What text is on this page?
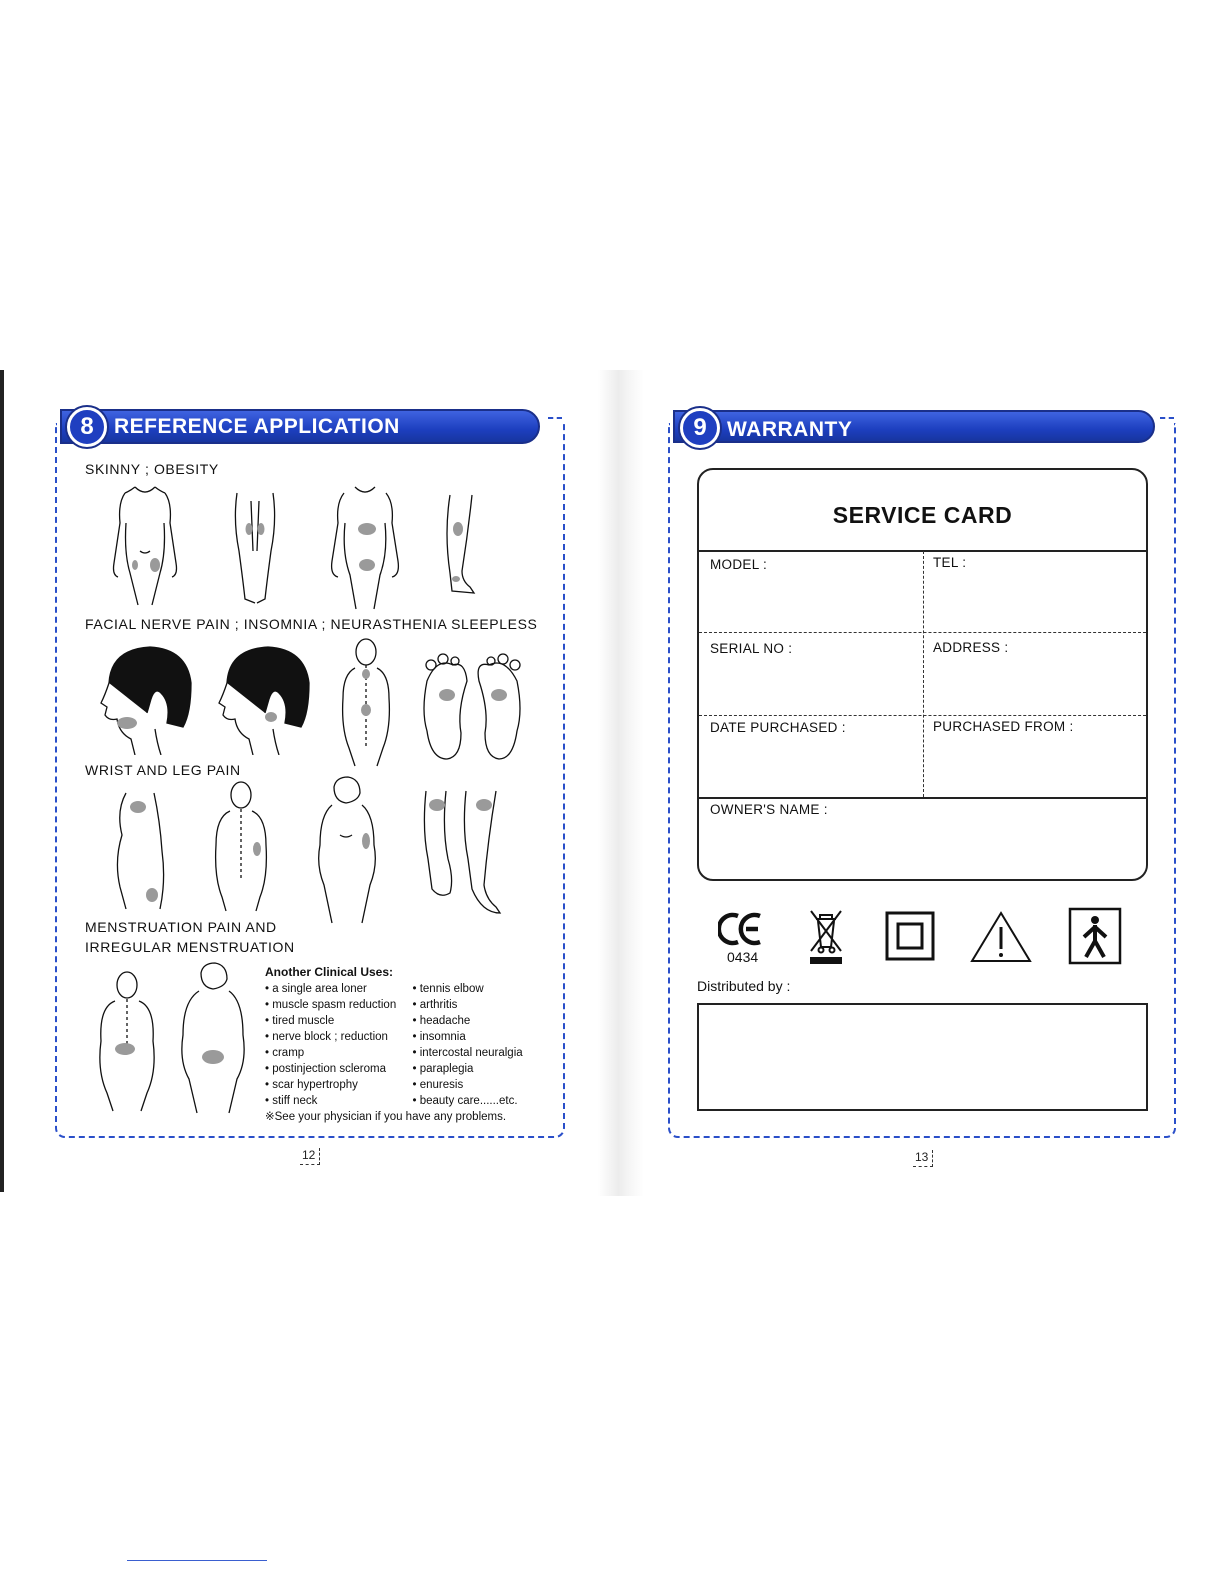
8 REFERENCE APPLICATION
SKINNY ; OBESITY
FACIAL NERVE PAIN ; INSOMNIA ; NEURASTHENIA SLEEPLESS
WRIST AND LEG PAIN
MENSTRUATION PAIN AND
IRREGULAR MENSTRUATION
Another Clinical Uses:
• a single area loner
• muscle spasm reduction
• tired muscle
• nerve block ; reduction
• cramp
• postinjection scleroma
• scar hypertrophy
• stiff neck
• tennis elbow
• arthritis
• headache
• insomnia
• intercostal neuralgia
• paraplegia
• enuresis
• beauty care......etc.
※See your physician if you have any problems.
12
9 WARRANTY
SERVICE CARD
MODEL :	TEL :
SERIAL NO :	ADDRESS :
DATE PURCHASED :	PURCHASED FROM :
OWNER'S NAME :
0434
Distributed by :
13
